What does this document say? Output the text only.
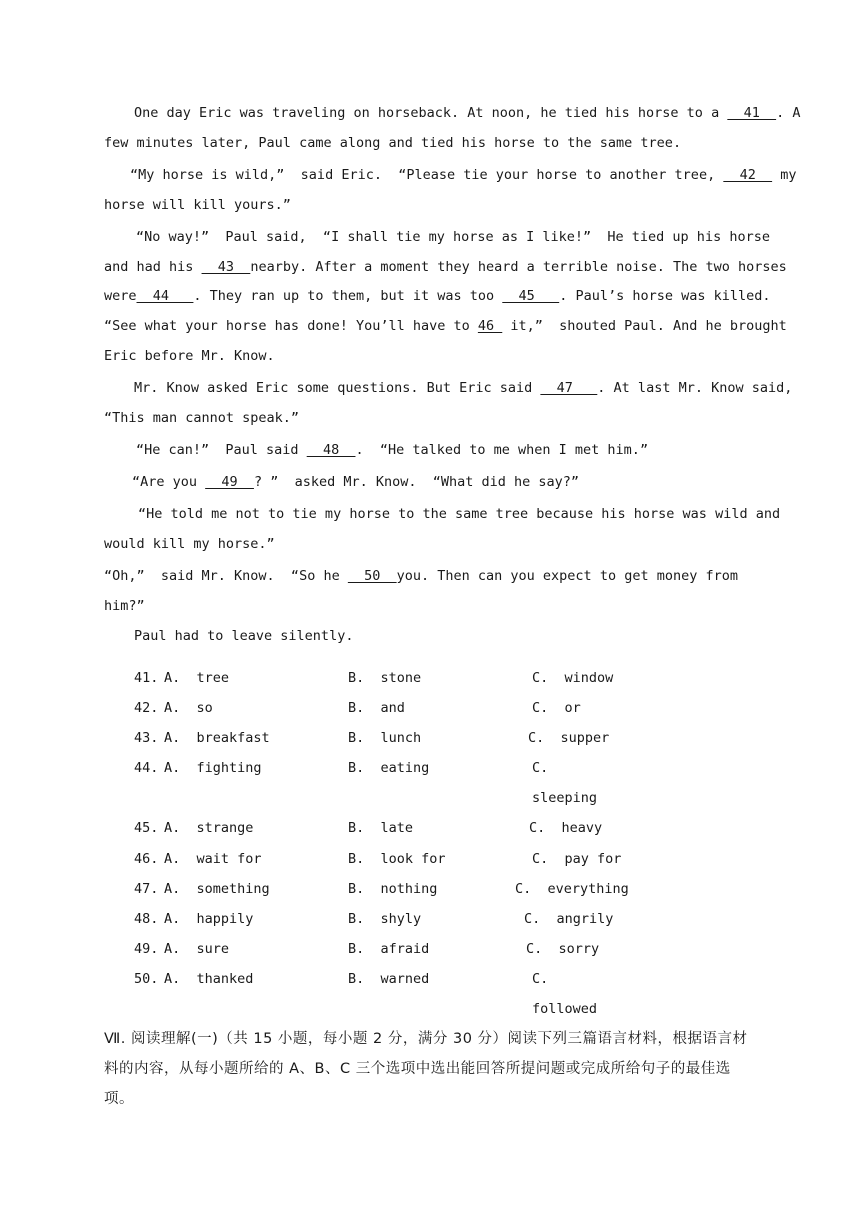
One day Eric was traveling on horseback. At noon, he tied his horse to a   41  . A
few minutes later, Paul came along and tied his horse to the same tree.
“My horse is wild,”  said Eric.  “Please tie your horse to another tree,   42   my
horse will kill yours.”
“No way!”  Paul said,  “I shall tie my horse as I like!”  He tied up his horse
and had his   43  nearby. After a moment they heard a terrible noise. The two horses
were  44   . They ran up to them, but it was too   45   . Paul’s horse was killed.
“See what your horse has done! You’ll have to 46  it,”  shouted Paul. And he brought
Eric before Mr. Know.
Mr. Know asked Eric some questions. But Eric said   47   . At last Mr. Know said,
“This man cannot speak.”
“He can!”  Paul said   48  .  “He talked to me when I met him.”
“Are you   49  ? ”  asked Mr. Know.  “What did he say?”
“He told me not to tie my horse to the same tree because his horse was wild and
would kill my horse.”
“Oh,”  said Mr. Know.  “So he   50  you. Then can you expect to get money from
him?”
Paul had to leave silently.
41. A.  tree	B.  stone	C.  window
42. A.  so	B.  and	C.  or
43. A.  breakfast	B.  lunch	C.  supper
44. A.  fighting	B.  eating	C.
sleeping
45. A.  strange	B.  late	C.  heavy
46. A.  wait for	B.  look for	C.  pay for
47. A.  something	B.  nothing	C.  everything
48. A.  happily	B.  shyly	C.  angrily
49. A.  sure	B.  afraid	C.  sorry
50. A.  thanked	B.  warned	C.
followed
Ⅶ. 阅读理解(一)（共 15 小题，每小题 2 分，满分 30 分）阅读下列三篇语言材料，根据语言材
料的内容，从每小题所给的 A、B、C 三个选项中选出能回答所提问题或完成所给句子的最佳选
项。
